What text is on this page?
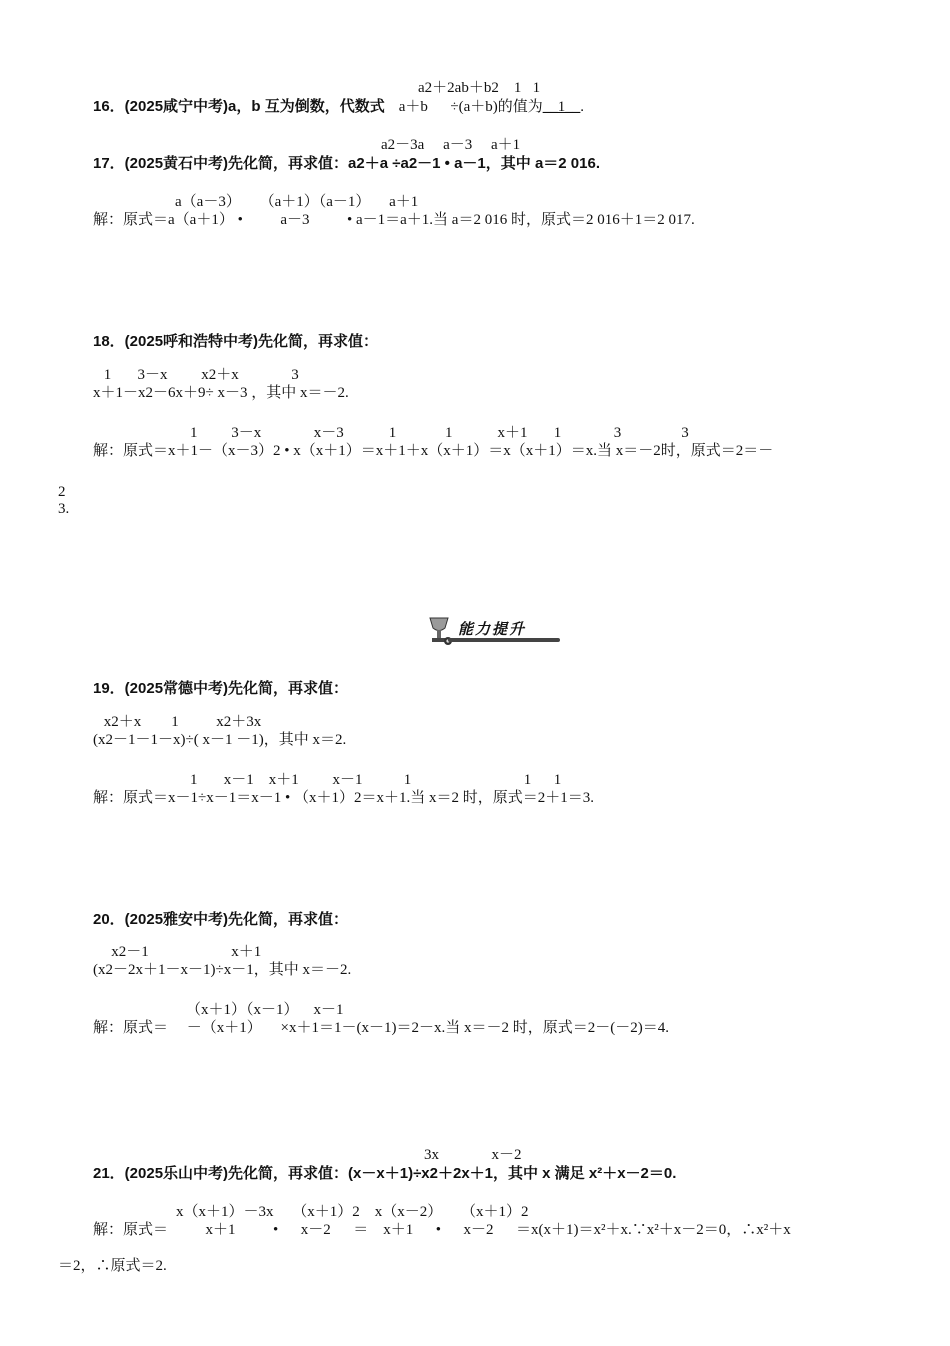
a2＋2ab＋b2    1   1
16．(2025咸宁中考)a，b 互为倒数，代数式 a＋b      ÷(a＋b)的值为__1__.
a2－3a     a－3     a＋1
17．(2025黄石中考)先化简，再求值：a2＋a ÷a2－1 • a－1，其中 a＝2 016.
a（a－3）     （a＋1）（a－1）     a＋1
解：原式＝a（a＋1） •          a－3          • a－1＝a＋1.当 a＝2 016 时，原式＝2 016＋1＝2 017.
18．(2025呼和浩特中考)先化简，再求值：
1       3－x         x2＋x              3
x＋1－x2－6x＋9÷ x－3 ，其中 x＝－2.
1         3－x              x－3            1             1            x＋1       1              3                3
解：原式＝x＋1－（x－3）2 • x（x＋1）＝x＋1＋x（x＋1）＝x（x＋1）＝x.当 x＝－2时，原式＝2＝－
2
3.
能力提升
19．(2025常德中考)先化简，再求值：
x2＋x        1          x2＋3x
(x2－1－1－x)÷( x－1 －1)，其中 x＝2.
1       x－1    x＋1         x－1           1                              1      1
解：原式＝x－1÷x－1＝x－1 • （x＋1）2＝x＋1.当 x＝2 时，原式＝2＋1＝3.
20．(2025雅安中考)先化简，再求值：
x2－1                      x＋1
(x2－2x＋1－x－1)÷x－1，其中 x＝－2.
（x＋1）（x－1）    x－1
解：原式＝     －（x＋1）     ×x＋1＝1－(x－1)＝2－x.当 x＝－2 时，原式＝2－(－2)＝4.
3x              x－2
21．(2025乐山中考)先化简，再求值：(x－x＋1)÷x2＋2x＋1，其中 x 满足 x²＋x－2＝0.
x（x＋1）－3x     （x＋1）2    x（x－2）     （x＋1）2
解：原式＝          x＋1          •      x－2      ＝    x＋1      •      x－2      ＝x(x＋1)＝x²＋x.∵x²＋x－2＝0，∴x²＋x
＝2，∴原式＝2.
